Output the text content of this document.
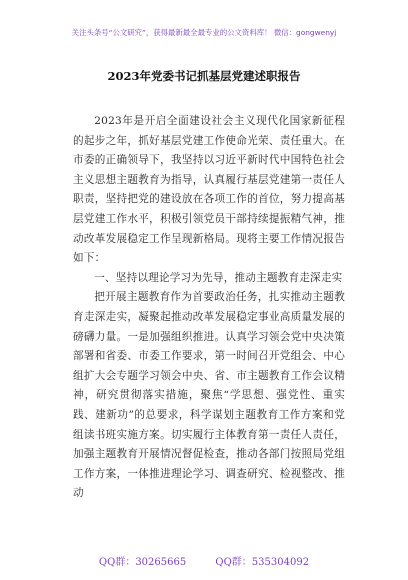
关注头条号“公文研究”，获得最新最全最专业的公文资料库！ 微信：gongwenyj
2023年党委书记抓基层党建述职报告

2023年是开启全面建设社会主义现代化国家新征程的起步之年，抓好基层党建工作使命光荣、责任重大。在市委的正确领导下，我坚持以习近平新时代中国特色社会主义思想主题教育为指导，认真履行基层党建第一责任人职责，坚持把党的建设放在各项工作的首位，努力提高基层党建工作水平，积极引领党员干部持续提振精气神，推动改革发展稳定工作呈现新格局。现将主要工作情况报告如下：

一、坚持以理论学习为先导，推动主题教育走深走实

把开展主题教育作为首要政治任务，扎实推动主题教育走深走实，凝聚起推动改革发展稳定事业高质量发展的磅礴力量。一是加强组织推进。认真学习领会党中央决策部署和省委、市委工作要求，第一时间召开党组会、中心组扩大会专题学习领会中央、省、市主题教育工作会议精神，研究贯彻落实措施，聚焦“学思想、强党性、重实践、建新功”的总要求，科学谋划主题教育工作方案和党组读书班实施方案。切实履行主体教育第一责任人责任，加强主题教育开展情况督促检查，推动各部门按照局党组工作方案，一体推进理论学习、调查研究、检视整改、推动

QQ群：30265665	QQ群：535304092
